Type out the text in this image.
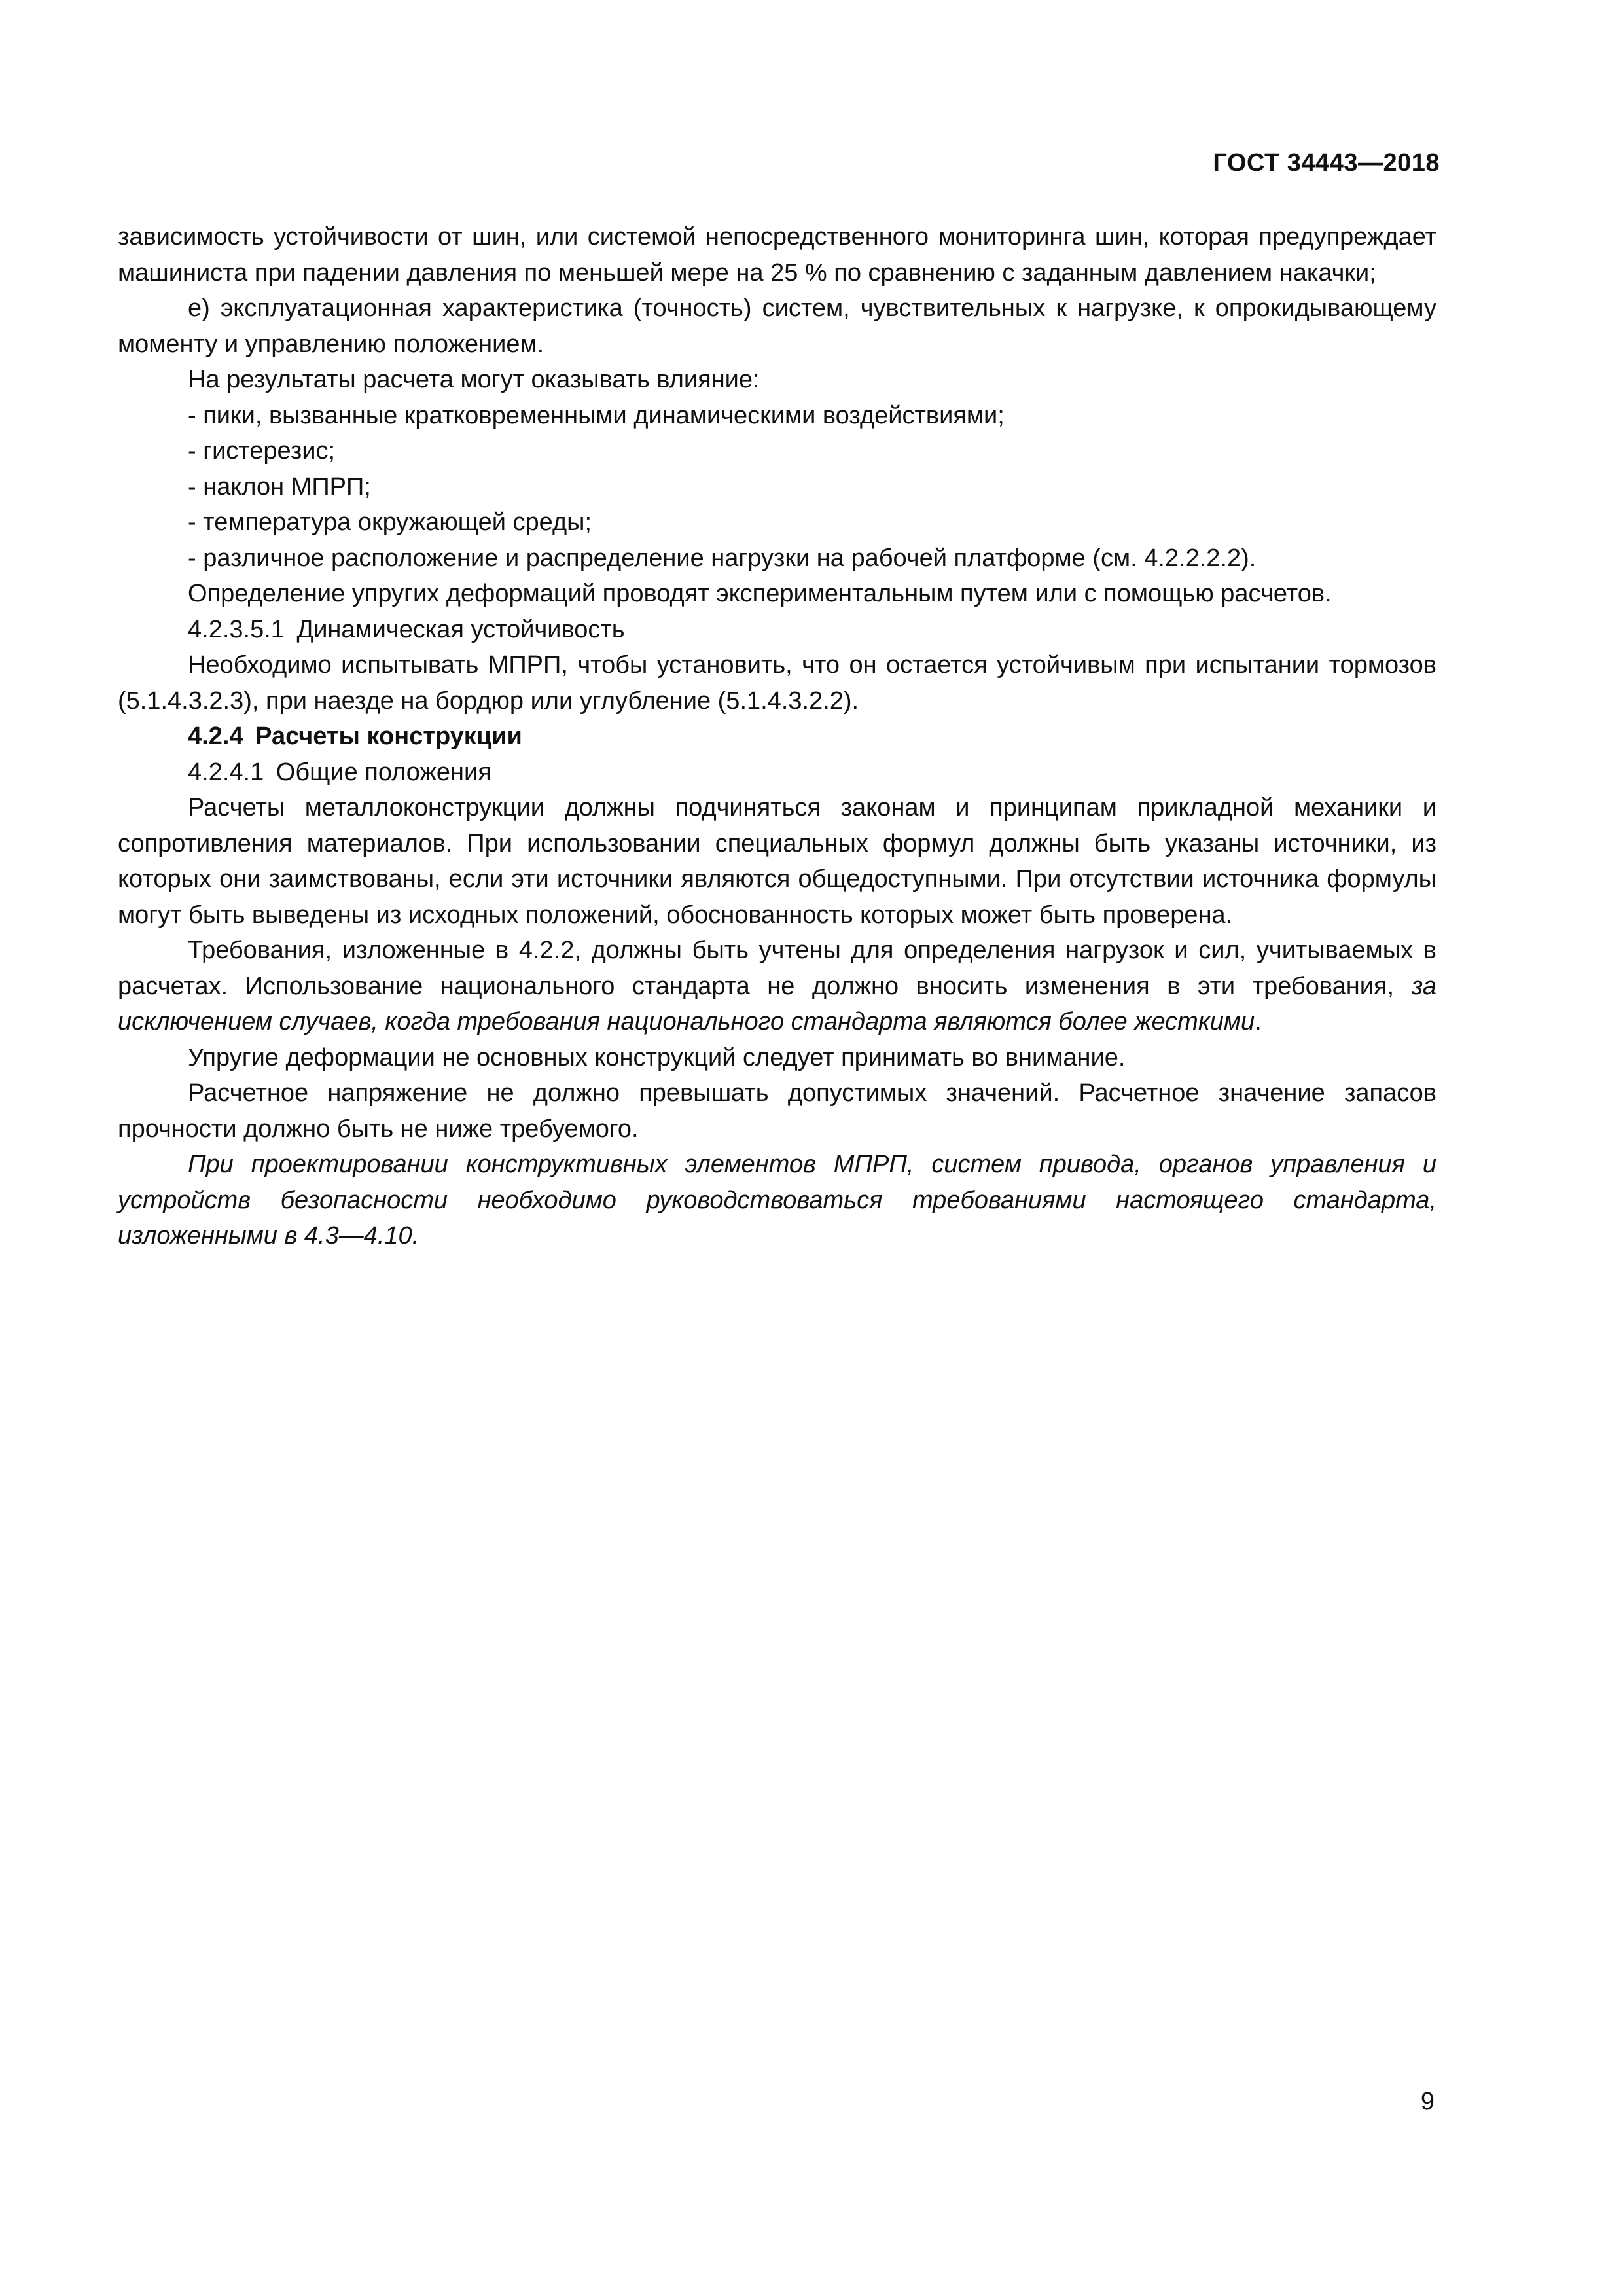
ГОСТ 34443—2018

зависимость устойчивости от шин, или системой непосредственного мониторинга шин, которая предупреждает машиниста при падении давления по меньшей мере на 25 % по сравнению с заданным давлением накачки;

e) эксплуатационная характеристика (точность) систем, чувствительных к нагрузке, к опрокидывающему моменту и управлению положением.

На результаты расчета могут оказывать влияние:

- пики, вызванные кратковременными динамическими воздействиями;

- гистерезис;

- наклон МПРП;

- температура окружающей среды;

- различное расположение и распределение нагрузки на рабочей платформе (см. 4.2.2.2.2).

Определение упругих деформаций проводят экспериментальным путем или с помощью расчетов.

4.2.3.5.1 Динамическая устойчивость

Необходимо испытывать МПРП, чтобы установить, что он остается устойчивым при испытании тормозов (5.1.4.3.2.3), при наезде на бордюр или углубление (5.1.4.3.2.2).

4.2.4 Расчеты конструкции

4.2.4.1 Общие положения

Расчеты металлоконструкции должны подчиняться законам и принципам прикладной механики и сопротивления материалов. При использовании специальных формул должны быть указаны источники, из которых они заимствованы, если эти источники являются общедоступными. При отсутствии источника формулы могут быть выведены из исходных положений, обоснованность которых может быть проверена.

Требования, изложенные в 4.2.2, должны быть учтены для определения нагрузок и сил, учитываемых в расчетах. Использование национального стандарта не должно вносить изменения в эти требования, за исключением случаев, когда требования национального стандарта являются более жесткими.

Упругие деформации не основных конструкций следует принимать во внимание.

Расчетное напряжение не должно превышать допустимых значений. Расчетное значение запасов прочности должно быть не ниже требуемого.

При проектировании конструктивных элементов МПРП, систем привода, органов управления и устройств безопасности необходимо руководствоваться требованиями настоящего стандарта, изложенными в 4.3—4.10.

9
